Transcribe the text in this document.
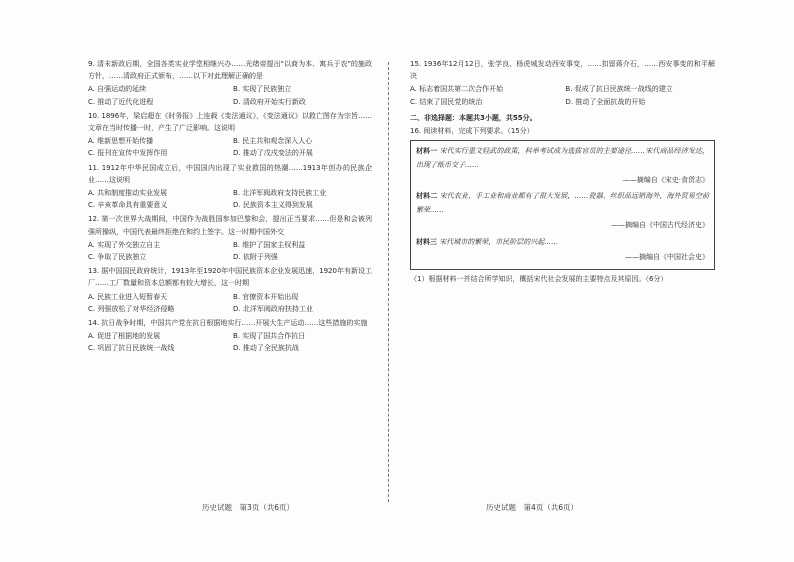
9. 清末新政后期，全国各类实业学堂相继兴办……光绪帝提出"以商为本、寓兵于农"的施政方针，……清政府正式颁布，……以下对此理解正确的是
A. 自强运动的延续	B. 实现了民族独立
C. 推动了近代化进程	D. 清政府开始实行新政
10. 1896年，梁启超在《时务报》上连载《变法通议》，《变法通议》以救亡图存为宗旨……文章在当时传播一时，产生了广泛影响。这说明
A. 维新思想开始传播	B. 民主共和观念深入人心
C. 报刊在宣传中发挥作用	D. 推动了戊戌变法的开展
11. 1912年中华民国成立后，中国国内出现了实业救国的热潮……1913年创办的民族企业……这说明
A. 共和制度推动实业发展	B. 北洋军阀政府支持民族工业
C. 辛亥革命具有重要意义	D. 民族资本主义得到发展
12. 第一次世界大战期间，中国作为战胜国参加巴黎和会，提出正当要求……但是和会被列强所操纵，中国代表最终拒绝在和约上签字。这一时期中国外交
A. 实现了外交独立自主	B. 维护了国家主权利益
C. 争取了民族独立	D. 依附于列强
13. 据中国国民政府统计，1913年至1920年中国民族资本企业发展迅速，1920年有新设工厂……工厂数量和资本总额都有较大增长，这一时期
A. 民族工业进入短暂春天	B. 官僚资本开始出现
C. 列强放松了对华经济侵略	D. 北洋军阀政府扶持工业
14. 抗日战争时期，中国共产党在抗日根据地实行……开展大生产运动……这些措施的实施
A. 促进了根据地的发展	B. 实现了国共合作抗日
C. 巩固了抗日民族统一战线	D. 推动了全民族抗战
15. 1936年12月12日，张学良、杨虎城发动西安事变，……扣留蒋介石，……西安事变的和平解决
A. 标志着国共第二次合作开始	B. 促成了抗日民族统一战线的建立
C. 结束了国民党的统治	D. 推动了全面抗战的开始
二、非选择题：本题共3小题，共55分。
16. 阅读材料，完成下列要求。（15分）
材料一 宋代实行重文轻武的政策，科举考试成为选拔官员的主要途径……宋代商品经济发达，出现了纸币交子……
——摘编自《宋史·食货志》
材料二 宋代农业、手工业和商业都有了很大发展，……瓷器、丝织品远销海外，海外贸易空前繁荣……
——摘编自《中国古代经济史》
材料三 宋代城市的繁荣，市民阶层的兴起……
——摘编自《中国社会史》
（1）根据材料一并结合所学知识，概括宋代社会发展的主要特点及其原因。（6分）
历史试题　第3页（共6页）	历史试题　第4页（共6页）
